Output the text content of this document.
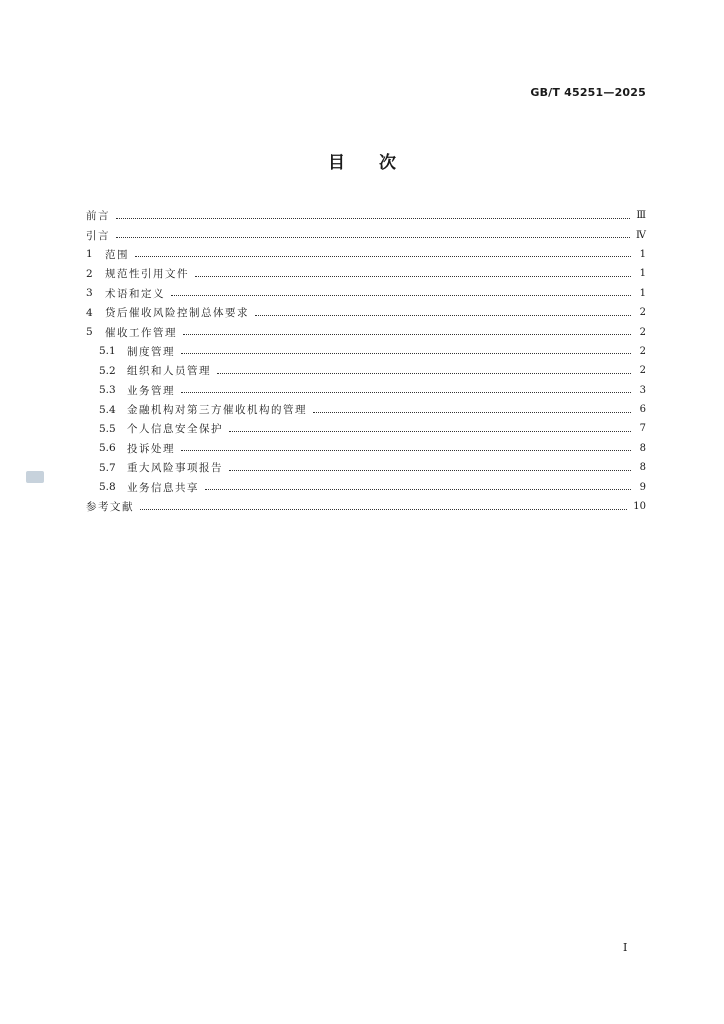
GB/T 45251—2025
目次
前言	Ⅲ
引言	Ⅳ
1	范围	1
2	规范性引用文件	1
3	术语和定义	1
4	贷后催收风险控制总体要求	2
5	催收工作管理	2
5.1	制度管理	2
5.2	组织和人员管理	2
5.3	业务管理	3
5.4	金融机构对第三方催收机构的管理	6
5.5	个人信息安全保护	7
5.6	投诉处理	8
5.7	重大风险事项报告	8
5.8	业务信息共享	9
参考文献	10
I
